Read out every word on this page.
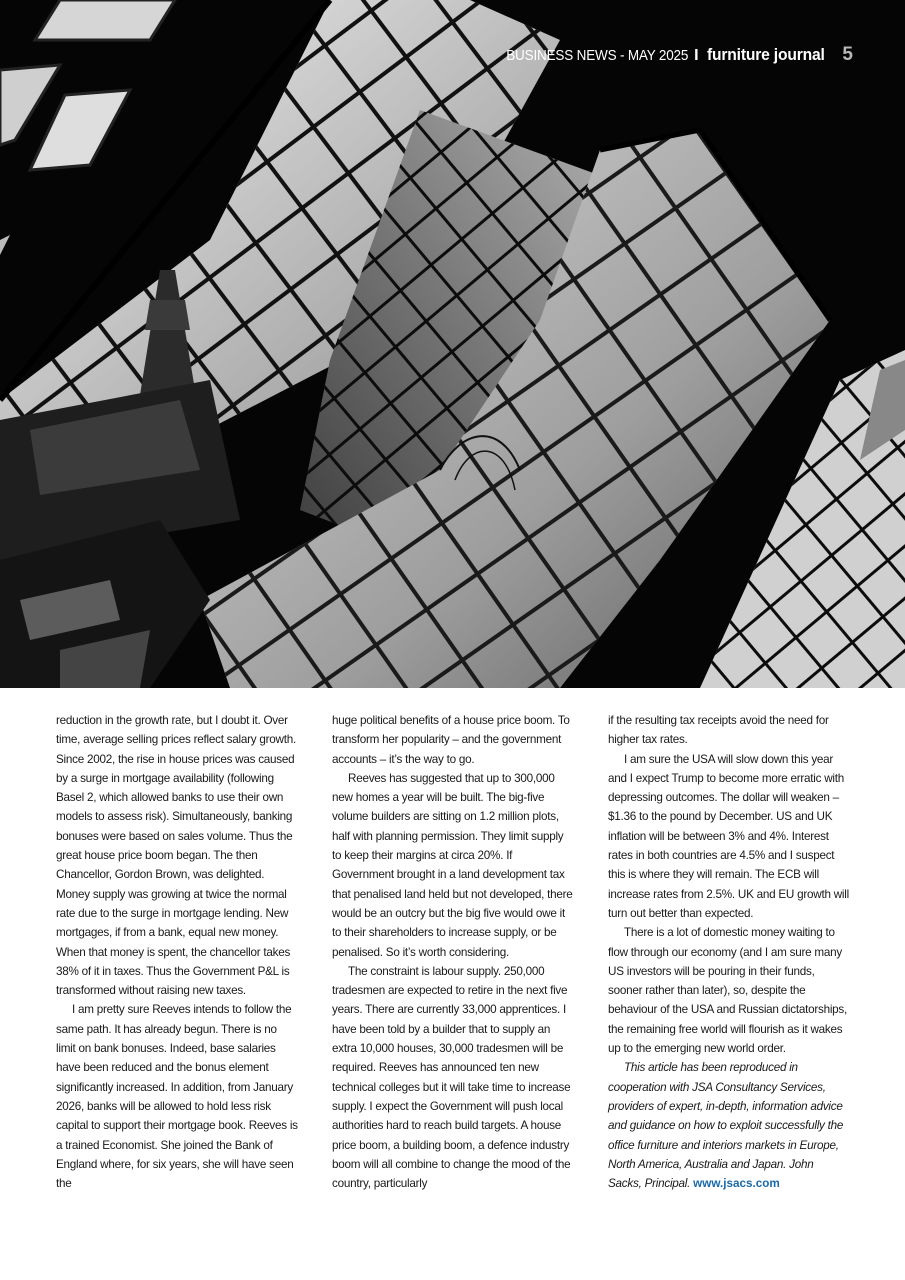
BUSINESS NEWS - MAY 2025 I furniture journal 5

reduction in the growth rate, but I doubt it. Over time, average selling prices reflect salary growth. Since 2002, the rise in house prices was caused by a surge in mortgage availability (following Basel 2, which allowed banks to use their own models to assess risk). Simultaneously, banking bonuses were based on sales volume. Thus the great house price boom began. The then Chancellor, Gordon Brown, was delighted. Money supply was growing at twice the normal rate due to the surge in mortgage lending. New mortgages, if from a bank, equal new money. When that money is spent, the chancellor takes 38% of it in taxes. Thus the Government P&L is transformed without raising new taxes.

I am pretty sure Reeves intends to follow the same path. It has already begun. There is no limit on bank bonuses. Indeed, base salaries have been reduced and the bonus element significantly increased. In addition, from January 2026, banks will be allowed to hold less risk capital to support their mortgage book. Reeves is a trained Economist. She joined the Bank of England where, for six years, she will have seen the

huge political benefits of a house price boom. To transform her popularity – and the government accounts – it’s the way to go.

Reeves has suggested that up to 300,000 new homes a year will be built. The big-five volume builders are sitting on 1.2 million plots, half with planning permission. They limit supply to keep their margins at circa 20%. If Government brought in a land development tax that penalised land held but not developed, there would be an outcry but the big five would owe it to their shareholders to increase supply, or be penalised. So it’s worth considering.

The constraint is labour supply. 250,000 tradesmen are expected to retire in the next five years. There are currently 33,000 apprentices. I have been told by a builder that to supply an extra 10,000 houses, 30,000 tradesmen will be required. Reeves has announced ten new technical colleges but it will take time to increase supply. I expect the Government will push local authorities hard to reach build targets. A house price boom, a building boom, a defence industry boom will all combine to change the mood of the country, particularly

if the resulting tax receipts avoid the need for higher tax rates.

I am sure the USA will slow down this year and I expect Trump to become more erratic with depressing outcomes. The dollar will weaken – $1.36 to the pound by December. US and UK inflation will be between 3% and 4%. Interest rates in both countries are 4.5% and I suspect this is where they will remain. The ECB will increase rates from 2.5%. UK and EU growth will turn out better than expected.

There is a lot of domestic money waiting to flow through our economy (and I am sure many US investors will be pouring in their funds, sooner rather than later), so, despite the behaviour of the USA and Russian dictatorships, the remaining free world will flourish as it wakes up to the emerging new world order.

This article has been reproduced in cooperation with JSA Consultancy Services, providers of expert, in-depth, information advice and guidance on how to exploit successfully the office furniture and interiors markets in Europe, North America, Australia and Japan. John Sacks, Principal. www.jsacs.com
